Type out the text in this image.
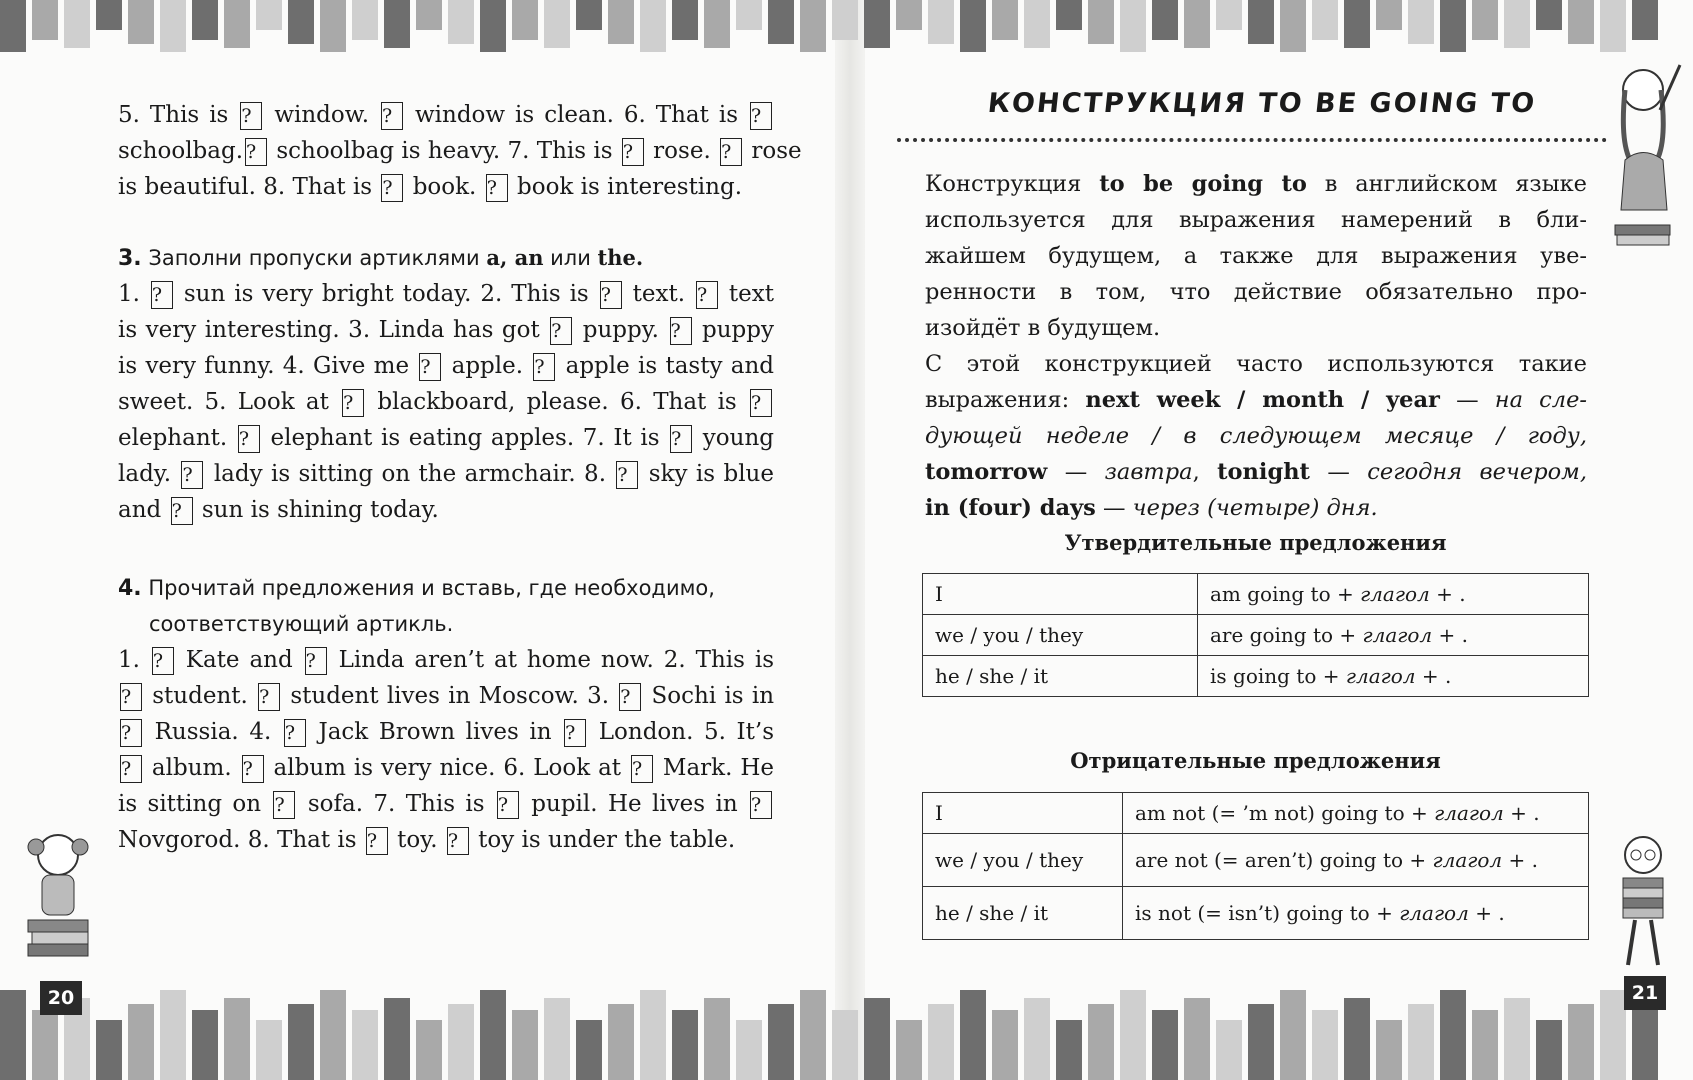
5. This is ? window. ? window is clean. 6. That is ?
schoolbag. ? schoolbag is heavy. 7. This is ? rose. ? rose
is beautiful. 8. That is ? book. ? book is interesting.
3. Заполни пропуски артиклями a, an или the.
1. ? sun is very bright today. 2. This is ? text. ? text
is very interesting. 3. Linda has got ? puppy. ? puppy
is very funny. 4. Give me ? apple. ? apple is tasty and
sweet. 5. Look at ? blackboard, please. 6. That is ?
elephant. ? elephant is eating apples. 7. It is ? young
lady. ? lady is sitting on the armchair. 8. ? sky is blue
and ? sun is shining today.
4. Прочитай предложения и вставь, где необходимо,
соответствующий артикль.
1. ? Kate and ? Linda aren’t at home now. 2. This is
? student. ? student lives in Moscow. 3. ? Sochi is in
? Russia. 4. ? Jack Brown lives in ? London. 5. It’s
? album. ? album is very nice. 6. Look at ? Mark. He
is sitting on ? sofa. 7. This is ? pupil. He lives in ?
Novgorod. 8. That is ? toy. ? toy is under the table.
20
КОНСТРУКЦИЯ TO BE GOING TO
Конструкция to be going to в английском языке
используется для выражения намерений в бли-
жайшем будущем, а также для выражения уве-
ренности в том, что действие обязательно про-
изойдёт в будущем.
С этой конструкцией часто используются такие
выражения: next week / month / year — на сле-
дующей неделе / в следующем месяце / году,
tomorrow — завтра, tonight — сегодня вечером,
in (four) days — через (четыре) дня.
Утвердительные предложения
I	am going to + глагол + .
we / you / they	are going to + глагол + .
he / she / it	is going to + глагол + .
Отрицательные предложения
I	am not (= ’m not) going to + глагол + .
we / you / they	are not (= aren’t) going to + глагол + .
he / she / it	is not (= isn’t) going to + глагол + .
21
